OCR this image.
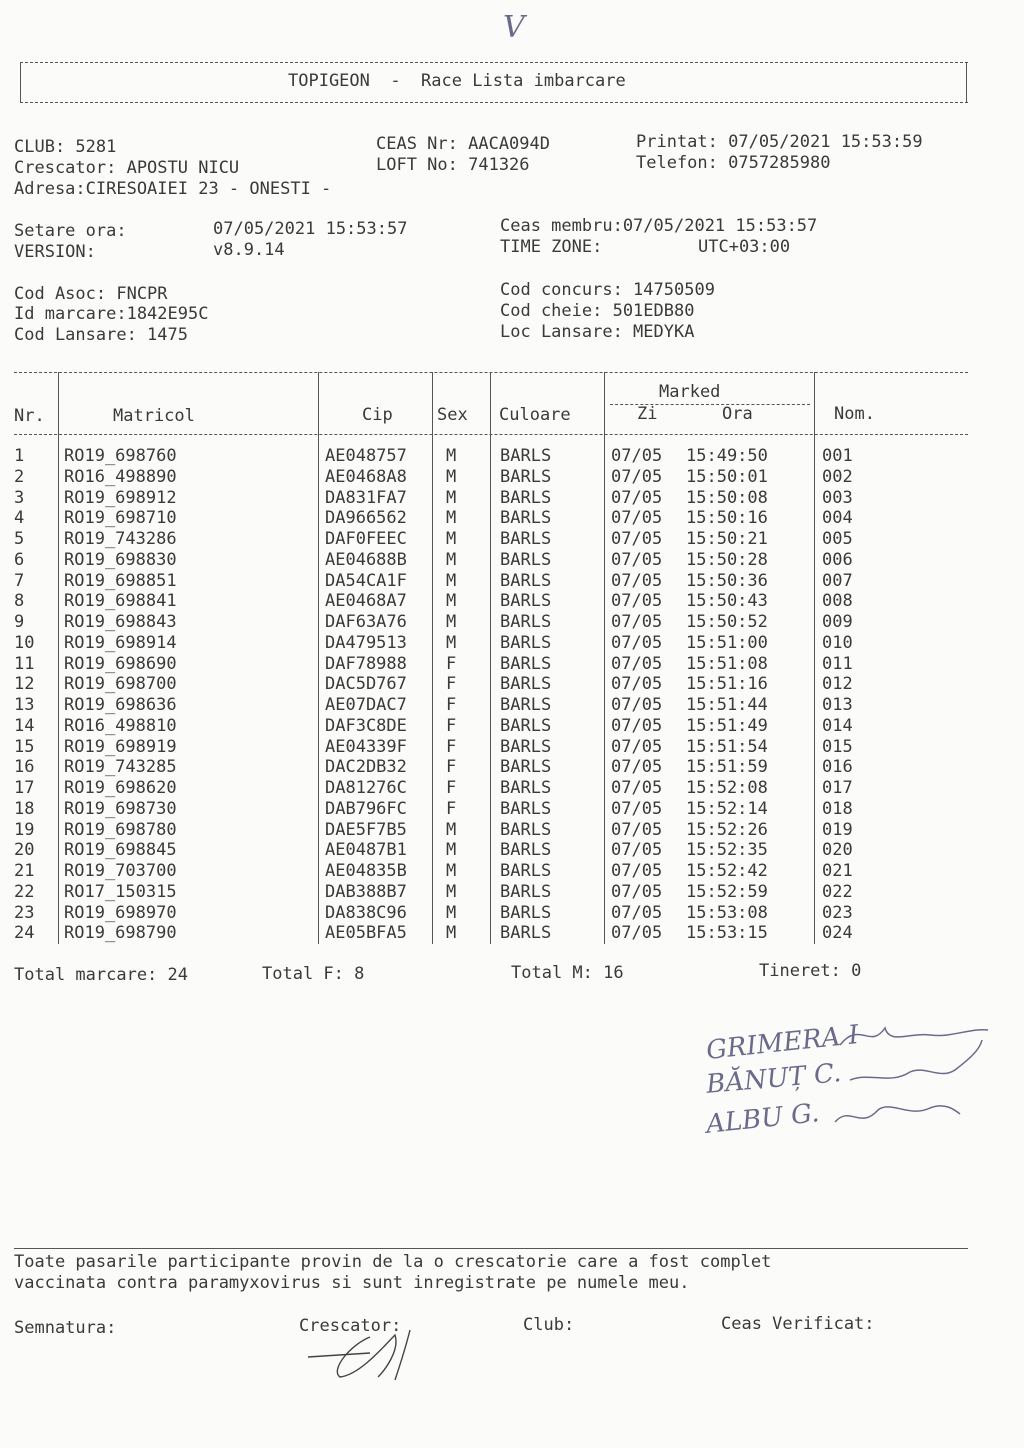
V
TOPIGEON  -  Race Lista imbarcare
CLUB: 5281	CEAS Nr: AACA094D	Printat: 07/05/2021 15:53:59
Crescator: APOSTU NICU	LOFT No: 741326	Telefon: 0757285980
Adresa:CIRESOAIEI 23 - ONESTI -
Setare ora:	07/05/2021 15:53:57	Ceas membru:07/05/2021 15:53:57
VERSION:	v8.9.14	TIME ZONE:	UTC+03:00
Cod Asoc: FNCPR	Cod concurs: 14750509
Id marcare:1842E95C	Cod cheie: 501EDB80
Cod Lansare: 1475	Loc Lansare: MEDYKA
Nr.	Matricol	Cip	Sex Culoare
Marked
Zi	Ora	Nom.
1 RO19_698760	AE048757 M	BARLS	07/05 15:49:50	001
2 RO16_498890	AE0468A8 M	BARLS	07/05 15:50:01	002
3 RO19_698912	DA831FA7 M	BARLS	07/05 15:50:08	003
4 RO19_698710	DA966562 M	BARLS	07/05 15:50:16	004
5 RO19_743286	DAF0FEEC M	BARLS	07/05 15:50:21	005
6 RO19_698830	AE04688B M	BARLS	07/05 15:50:28	006
7 RO19_698851	DA54CA1F M	BARLS	07/05 15:50:36	007
8 RO19_698841	AE0468A7 M	BARLS	07/05 15:50:43	008
9 RO19_698843	DAF63A76 M	BARLS	07/05 15:50:52	009
10 RO19_698914	DA479513 M	BARLS	07/05 15:51:00	010
11 RO19_698690	DAF78988 F	BARLS	07/05 15:51:08	011
12 RO19_698700	DAC5D767 F	BARLS	07/05 15:51:16	012
13 RO19_698636	AE07DAC7 F	BARLS	07/05 15:51:44	013
14 RO16_498810	DAF3C8DE F	BARLS	07/05 15:51:49	014
15 RO19_698919	AE04339F F	BARLS	07/05 15:51:54	015
16 RO19_743285	DAC2DB32 F	BARLS	07/05 15:51:59	016
17 RO19_698620	DA81276C F	BARLS	07/05 15:52:08	017
18 RO19_698730	DAB796FC F	BARLS	07/05 15:52:14	018
19 RO19_698780	DAE5F7B5 M	BARLS	07/05 15:52:26	019
20 RO19_698845	AE0487B1 M	BARLS	07/05 15:52:35	020
21 RO19_703700	AE04835B M	BARLS	07/05 15:52:42	021
22 RO17_150315	DAB388B7 M	BARLS	07/05 15:52:59	022
23 RO19_698970	DA838C96 M	BARLS	07/05 15:53:08	023
24 RO19_698790	AE05BFA5 M	BARLS	07/05 15:53:15	024
Total marcare: 24	Total F: 8	Total M: 16	Tineret: 0
GRIMERA I
BĂNUȚ C.
ALBU G.
Toate pasarile participante provin de la o crescatorie care a fost complet
vaccinata contra paramyxovirus si sunt inregistrate pe numele meu.
Semnatura:	Crescator:	Club:	Ceas Verificat:
